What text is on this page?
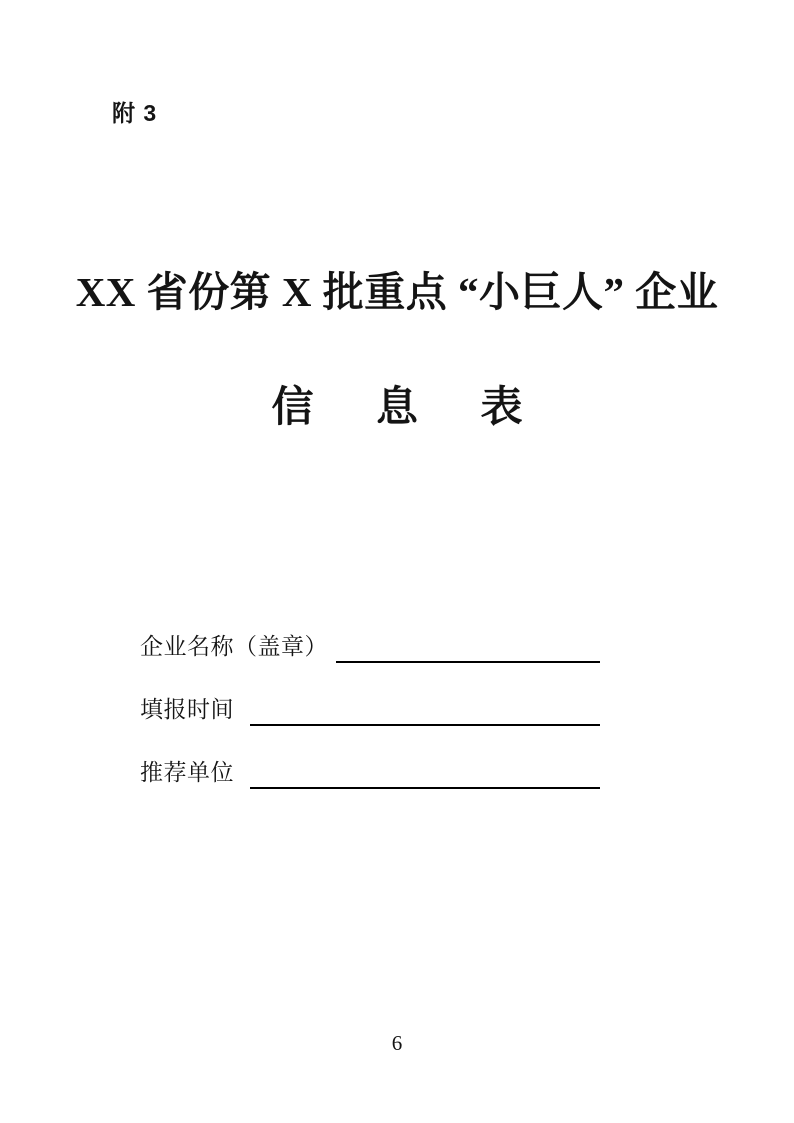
附 3
XX 省份第 X 批重点 “小巨人” 企业
信 息 表
企业名称（盖章）
填报时间
推荐单位
6
